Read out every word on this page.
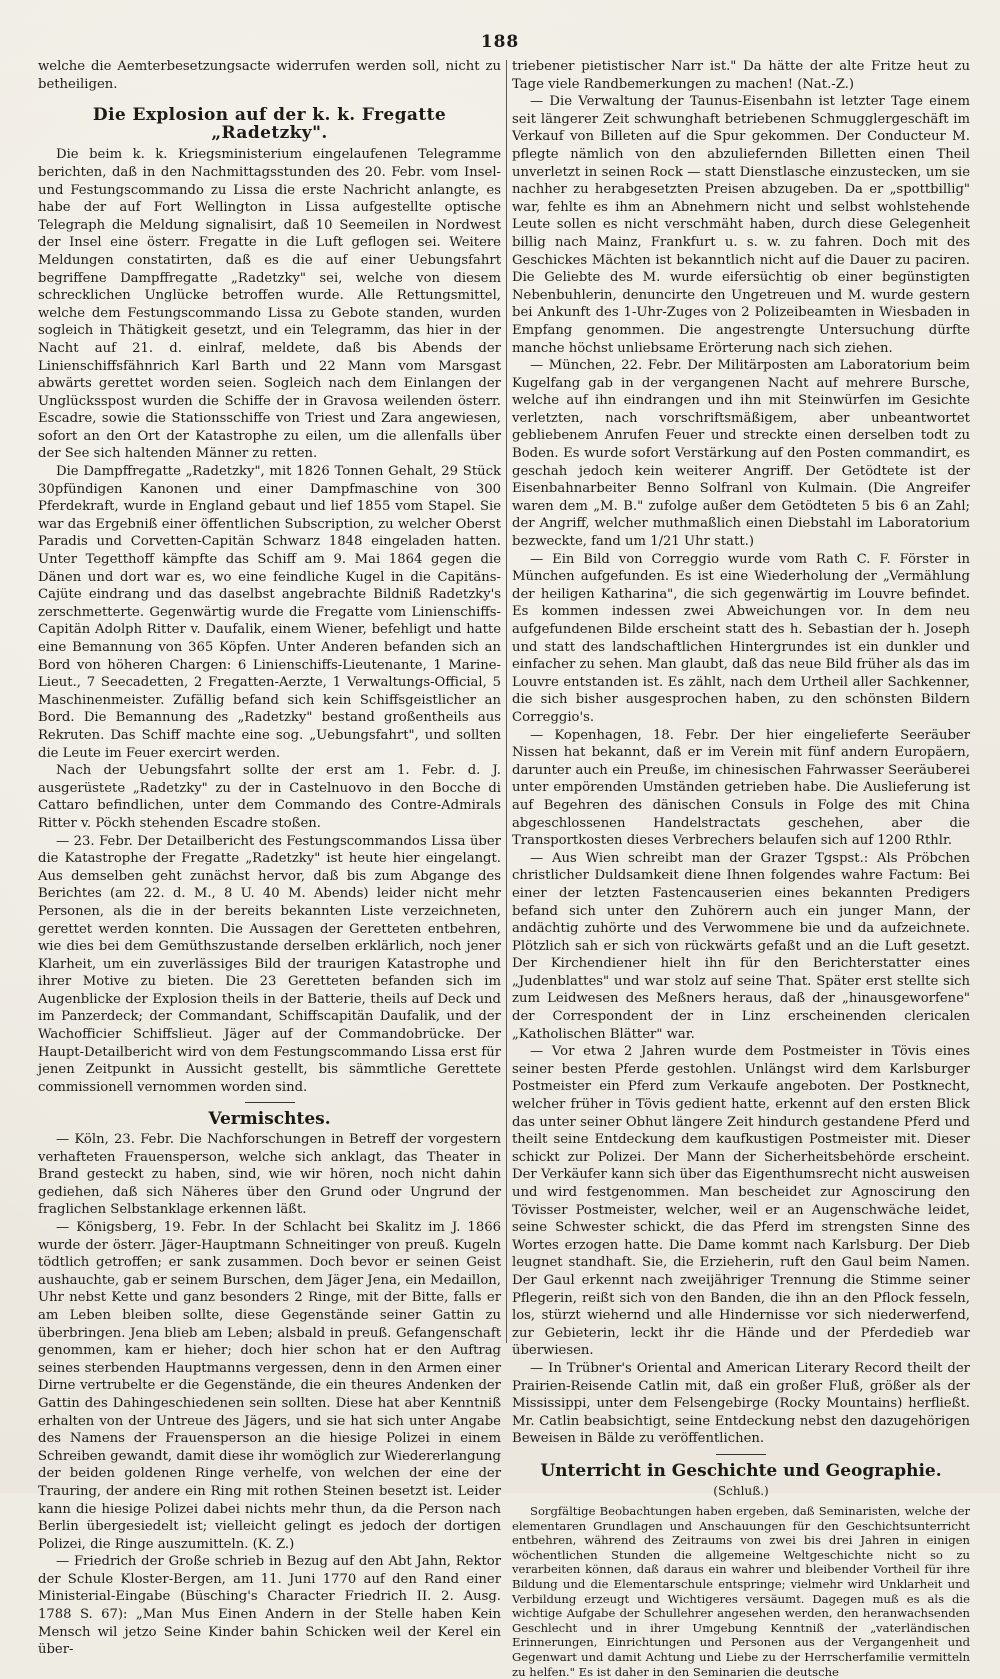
188

welche die Aemterbesetzungsacte widerrufen werden soll, nicht zu betheiligen.

Die Explosion auf der k. k. Fregatte „Radetzky".

Die beim k. k. Kriegsministerium eingelaufenen Telegramme berichten, daß in den Nachmittagsstunden des 20. Febr. vom Insel- und Festungscommando zu Lissa die erste Nachricht anlangte, es habe der auf Fort Wellington in Lissa aufgestellte optische Telegraph die Meldung signalisirt, daß 10 Seemeilen in Nordwest der Insel eine österr. Fregatte in die Luft geflogen sei. Weitere Meldungen constatirten, daß es die auf einer Uebungsfahrt begriffene Dampffregatte „Radetzky" sei, welche von diesem schrecklichen Unglücke betroffen wurde. Alle Rettungsmittel, welche dem Festungscommando Lissa zu Gebote standen, wurden sogleich in Thätigkeit gesetzt, und ein Telegramm, das hier in der Nacht auf 21. d. einlraf, meldete, daß bis Abends der Linienschiffsfähnrich Karl Barth und 22 Mann vom Marsgast abwärts gerettet worden seien. Sogleich nach dem Einlangen der Unglücksspost wurden die Schiffe der in Gravosa weilenden österr. Escadre, sowie die Stationsschiffe von Triest und Zara angewiesen, sofort an den Ort der Katastrophe zu eilen, um die allenfalls über der See sich haltenden Männer zu retten.

Die Dampffregatte „Radetzky", mit 1826 Tonnen Gehalt, 29 Stück 30pfündigen Kanonen und einer Dampfmaschine von 300 Pferdekraft, wurde in England gebaut und lief 1855 vom Stapel. Sie war das Ergebniß einer öffentlichen Subscription, zu welcher Oberst Paradis und Corvetten-Capitän Schwarz 1848 eingeladen hatten. Unter Tegetthoff kämpfte das Schiff am 9. Mai 1864 gegen die Dänen und dort war es, wo eine feindliche Kugel in die Capitäns-Cajüte eindrang und das daselbst angebrachte Bildniß Radetzky's zerschmetterte. Gegenwärtig wurde die Fregatte vom Linienschiffs-Capitän Adolph Ritter v. Daufalik, einem Wiener, befehligt und hatte eine Bemannung von 365 Köpfen. Unter Anderen befanden sich an Bord von höheren Chargen: 6 Linienschiffs-Lieutenante, 1 Marine-Lieut., 7 Seecadetten, 2 Fregatten-Aerzte, 1 Verwaltungs-Official, 5 Maschinenmeister. Zufällig befand sich kein Schiffsgeistlicher an Bord. Die Bemannung des „Radetzky" bestand großentheils aus Rekruten. Das Schiff machte eine sog. „Uebungsfahrt", und sollten die Leute im Feuer exercirt werden.

Nach der Uebungsfahrt sollte der erst am 1. Febr. d. J. ausgerüstete „Radetzky" zu der in Castelnuovo in den Bocche di Cattaro befindlichen, unter dem Commando des Contre-Admirals Ritter v. Pöckh stehenden Escadre stoßen.

— 23. Febr. Der Detailbericht des Festungscommandos Lissa über die Katastrophe der Fregatte „Radetzky" ist heute hier eingelangt. Aus demselben geht zunächst hervor, daß bis zum Abgange des Berichtes (am 22. d. M., 8 U. 40 M. Abends) leider nicht mehr Personen, als die in der bereits bekannten Liste verzeichneten, gerettet werden konnten. Die Aussagen der Geretteten entbehren, wie dies bei dem Gemüthszustande derselben erklärlich, noch jener Klarheit, um ein zuverlässiges Bild der traurigen Katastrophe und ihrer Motive zu bieten. Die 23 Geretteten befanden sich im Augenblicke der Explosion theils in der Batterie, theils auf Deck und im Panzerdeck; der Commandant, Schiffscapitän Daufalik, und der Wachofficier Schiffslieut. Jäger auf der Commandobrücke. Der Haupt-Detailbericht wird von dem Festungscommando Lissa erst für jenen Zeitpunkt in Aussicht gestellt, bis sämmtliche Gerettete commissionell vernommen worden sind.

Vermischtes.

— Köln, 23. Febr. Die Nachforschungen in Betreff der vorgestern verhafteten Frauensperson, welche sich anklagt, das Theater in Brand gesteckt zu haben, sind, wie wir hören, noch nicht dahin gediehen, daß sich Näheres über den Grund oder Ungrund der fraglichen Selbstanklage erkennen läßt.

— Königsberg, 19. Febr. In der Schlacht bei Skalitz im J. 1866 wurde der österr. Jäger-Hauptmann Schneitinger von preuß. Kugeln tödtlich getroffen; er sank zusammen. Doch bevor er seinen Geist aushauchte, gab er seinem Burschen, dem Jäger Jena, ein Medaillon, Uhr nebst Kette und ganz besonders 2 Ringe, mit der Bitte, falls er am Leben bleiben sollte, diese Gegenstände seiner Gattin zu überbringen. Jena blieb am Leben; alsbald in preuß. Gefangenschaft genommen, kam er hieher; doch hier schon hat er den Auftrag seines sterbenden Hauptmanns vergessen, denn in den Armen einer Dirne vertrubelte er die Gegenstände, die ein theures Andenken der Gattin des Dahingeschiedenen sein sollten. Diese hat aber Kenntniß erhalten von der Untreue des Jägers, und sie hat sich unter Angabe des Namens der Frauensperson an die hiesige Polizei in einem Schreiben gewandt, damit diese ihr womöglich zur Wiedererlangung der beiden goldenen Ringe verhelfe, von welchen der eine der Trauring, der andere ein Ring mit rothen Steinen besetzt ist. Leider kann die hiesige Polizei dabei nichts mehr thun, da die Person nach Berlin übergesiedelt ist; vielleicht gelingt es jedoch der dortigen Polizei, die Ringe auszumitteln. (K. Z.)

— Friedrich der Große schrieb in Bezug auf den Abt Jahn, Rektor der Schule Kloster-Bergen, am 11. Juni 1770 auf den Rand einer Ministerial-Eingabe (Büsching's Character Friedrich II. 2. Ausg. 1788 S. 67): „Man Mus Einen Andern in der Stelle haben Kein Mensch wil jetzo Seine Kinder bahin Schicken weil der Kerel ein über-

triebener pietistischer Narr ist." Da hätte der alte Fritze heut zu Tage viele Randbemerkungen zu machen! (Nat.-Z.)

— Die Verwaltung der Taunus-Eisenbahn ist letzter Tage einem seit längerer Zeit schwunghaft betriebenen Schmugglergeschäft im Verkauf von Billeten auf die Spur gekommen. Der Conducteur M. pflegte nämlich von den abzuliefernden Billetten einen Theil unverletzt in seinen Rock — statt Dienstlasche einzustecken, um sie nachher zu herabgesetzten Preisen abzugeben. Da er „spottbillig" war, fehlte es ihm an Abnehmern nicht und selbst wohlstehende Leute sollen es nicht verschmäht haben, durch diese Gelegenheit billig nach Mainz, Frankfurt u. s. w. zu fahren. Doch mit des Geschickes Mächten ist bekanntlich nicht auf die Dauer zu paciren. Die Geliebte des M. wurde eifersüchtig ob einer begünstigten Nebenbuhlerin, denuncirte den Ungetreuen und M. wurde gestern bei Ankunft des 1-Uhr-Zuges von 2 Polizeibeamten in Wiesbaden in Empfang genommen. Die angestrengte Untersuchung dürfte manche höchst unliebsame Erörterung nach sich ziehen.

— München, 22. Febr. Der Militärposten am Laboratorium beim Kugelfang gab in der vergangenen Nacht auf mehrere Bursche, welche auf ihn eindrangen und ihn mit Steinwürfen im Gesichte verletzten, nach vorschriftsmäßigem, aber unbeantwortet gebliebenem Anrufen Feuer und streckte einen derselben todt zu Boden. Es wurde sofort Verstärkung auf den Posten commandirt, es geschah jedoch kein weiterer Angriff. Der Getödtete ist der Eisenbahnarbeiter Benno Solfranl von Kulmain. (Die Angreifer waren dem „M. B." zufolge außer dem Getödteten 5 bis 6 an Zahl; der Angriff, welcher muthmaßlich einen Diebstahl im Laboratorium bezweckte, fand um 1/21 Uhr statt.)

— Ein Bild von Correggio wurde vom Rath C. F. Förster in München aufgefunden. Es ist eine Wiederholung der „Vermählung der heiligen Katharina", die sich gegenwärtig im Louvre befindet. Es kommen indessen zwei Abweichungen vor. In dem neu aufgefundenen Bilde erscheint statt des h. Sebastian der h. Joseph und statt des landschaftlichen Hintergrundes ist ein dunkler und einfacher zu sehen. Man glaubt, daß das neue Bild früher als das im Louvre entstanden ist. Es zählt, nach dem Urtheil aller Sachkenner, die sich bisher ausgesprochen haben, zu den schönsten Bildern Correggio's.

— Kopenhagen, 18. Febr. Der hier eingelieferte Seeräuber Nissen hat bekannt, daß er im Verein mit fünf andern Europäern, darunter auch ein Preuße, im chinesischen Fahrwasser Seeräuberei unter empörenden Umständen getrieben habe. Die Auslieferung ist auf Begehren des dänischen Consuls in Folge des mit China abgeschlossenen Handelstractats geschehen, aber die Transportkosten dieses Verbrechers belaufen sich auf 1200 Rthlr.

— Aus Wien schreibt man der Grazer Tgspst.: Als Pröbchen christlicher Duldsamkeit diene Ihnen folgendes wahre Factum: Bei einer der letzten Fastencauserien eines bekannten Predigers befand sich unter den Zuhörern auch ein junger Mann, der andächtig zuhörte und des Verwommene bie und da aufzeichnete. Plötzlich sah er sich von rückwärts gefaßt und an die Luft gesetzt. Der Kirchendiener hielt ihn für den Berichterstatter eines „Judenblattes" und war stolz auf seine That. Später erst stellte sich zum Leidwesen des Meßners heraus, daß der „hinausgeworfene" der Correspondent der in Linz erscheinenden clericalen „Katholischen Blätter" war.

— Vor etwa 2 Jahren wurde dem Postmeister in Tövis eines seiner besten Pferde gestohlen. Unlängst wird dem Karlsburger Postmeister ein Pferd zum Verkaufe angeboten. Der Postknecht, welcher früher in Tövis gedient hatte, erkennt auf den ersten Blick das unter seiner Obhut längere Zeit hindurch gestandene Pferd und theilt seine Entdeckung dem kaufkustigen Postmeister mit. Dieser schickt zur Polizei. Der Mann der Sicherheitsbehörde erscheint. Der Verkäufer kann sich über das Eigenthumsrecht nicht ausweisen und wird festgenommen. Man bescheidet zur Agnoscirung den Tövisser Postmeister, welcher, weil er an Augenschwäche leidet, seine Schwester schickt, die das Pferd im strengsten Sinne des Wortes erzogen hatte. Die Dame kommt nach Karlsburg. Der Dieb leugnet standhaft. Sie, die Erzieherin, ruft den Gaul beim Namen. Der Gaul erkennt nach zweijähriger Trennung die Stimme seiner Pflegerin, reißt sich von den Banden, die ihn an den Pflock fesseln, los, stürzt wiehernd und alle Hindernisse vor sich niederwerfend, zur Gebieterin, leckt ihr die Hände und der Pferdedieb war überwiesen.

— In Trübner's Oriental and American Literary Record theilt der Prairien-Reisende Catlin mit, daß ein großer Fluß, größer als der Mississippi, unter dem Felsengebirge (Rocky Mountains) herfließt. Mr. Catlin beabsichtigt, seine Entdeckung nebst den dazugehörigen Beweisen in Bälde zu veröffentlichen.

Unterricht in Geschichte und Geographie.
(Schluß.)

Sorgfältige Beobachtungen haben ergeben, daß Seminaristen, welche der elementaren Grundlagen und Anschauungen für den Geschichtsunterricht entbehren, während des Zeitraums von zwei bis drei Jahren in einigen wöchentlichen Stunden die allgemeine Weltgeschichte nicht so zu verarbeiten können, daß daraus ein wahrer und bleibender Vortheil für ihre Bildung und die Elementarschule entspringe; vielmehr wird Unklarheit und Verbildung erzeugt und Wichtigeres versäumt. Dagegen muß es als die wichtige Aufgabe der Schullehrer angesehen werden, den heranwachsenden Geschlecht und in ihrer Umgebung Kenntniß der „vaterländischen Erinnerungen, Einrichtungen und Personen aus der Vergangenheit und Gegenwart und damit Achtung und Liebe zu der Herrscherfamilie vermitteln zu helfen." Es ist daher in den Seminarien die deutsche
